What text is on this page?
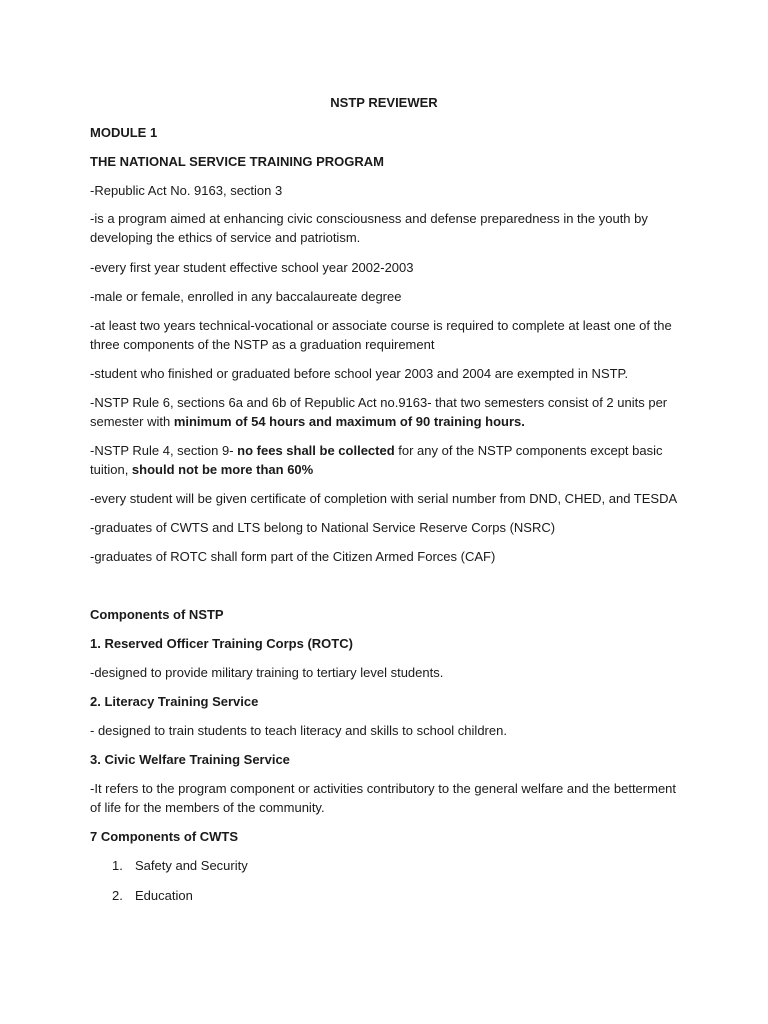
NSTP REVIEWER

MODULE 1

THE NATIONAL SERVICE TRAINING PROGRAM

-Republic Act No. 9163, section 3

-is a program aimed at enhancing civic consciousness and defense preparedness in the youth by developing the ethics of service and patriotism.

-every first year student effective school year 2002-2003

-male or female, enrolled in any baccalaureate degree

-at least two years technical-vocational or associate course is required to complete at least one of the three components of the NSTP as a graduation requirement

-student who finished or graduated before school year 2003 and 2004 are exempted in NSTP.

-NSTP Rule 6, sections 6a and 6b of Republic Act no.9163- that two semesters consist of 2 units per semester with minimum of 54 hours and maximum of 90 training hours.

-NSTP Rule 4, section 9- no fees shall be collected for any of the NSTP components except basic tuition, should not be more than 60%

-every student will be given certificate of completion with serial number from DND, CHED, and TESDA

-graduates of CWTS and LTS belong to National Service Reserve Corps (NSRC)

-graduates of ROTC shall form part of the Citizen Armed Forces (CAF)

Components of NSTP

1. Reserved Officer Training Corps (ROTC)

-designed to provide military training to tertiary level students.

2. Literacy Training Service

- designed to train students to teach literacy and skills to school children.

3. Civic Welfare Training Service

-It refers to the program component or activities contributory to the general welfare and the betterment of life for the members of the community.

7 Components of CWTS

1. Safety and Security
2. Education
